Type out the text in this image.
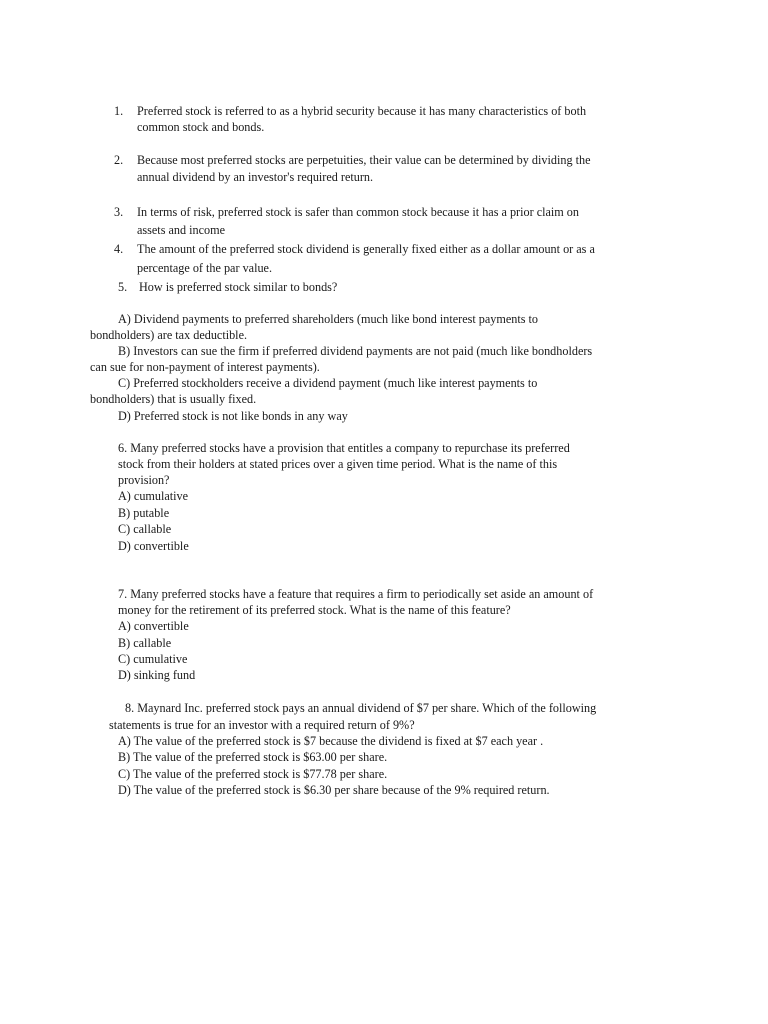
1. Preferred stock is referred to as a hybrid security because it has many characteristics of both
common stock and bonds.
2. Because most preferred stocks are perpetuities, their value can be determined by dividing the
annual dividend by an investor's required return.
3. In terms of risk, preferred stock is safer than common stock because it has a prior claim on
assets and income
4. The amount of the preferred stock dividend is generally fixed either as a dollar amount or as a
percentage of the par value.
5. How is preferred stock similar to bonds?
A) Dividend payments to preferred shareholders (much like bond interest payments to
bondholders) are tax deductible.
B) Investors can sue the firm if preferred dividend payments are not paid (much like bondholders
can sue for non-payment of interest payments).
C) Preferred stockholders receive a dividend payment (much like interest payments to
bondholders) that is usually fixed.
D) Preferred stock is not like bonds in any way
6. Many preferred stocks have a provision that entitles a company to repurchase its preferred
stock from their holders at stated prices over a given time period. What is the name of this
provision?
A) cumulative
B) putable
C) callable
D) convertible
7. Many preferred stocks have a feature that requires a firm to periodically set aside an amount of
money for the retirement of its preferred stock. What is the name of this feature?
A) convertible
B) callable
C) cumulative
D) sinking fund
8. Maynard Inc. preferred stock pays an annual dividend of $7 per share. Which of the following
statements is true for an investor with a required return of 9%?
A) The value of the preferred stock is $7 because the dividend is fixed at $7 each year .
B) The value of the preferred stock is $63.00 per share.
C) The value of the preferred stock is $77.78 per share.
D) The value of the preferred stock is $6.30 per share because of the 9% required return.
